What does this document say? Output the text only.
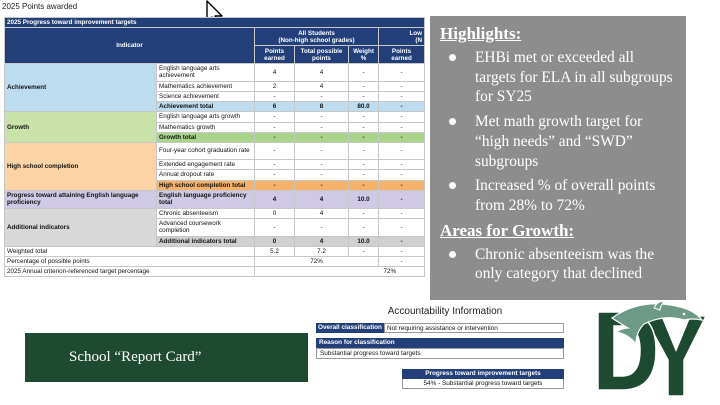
2025 Points awarded
2025 Progress toward improvement targets					
Indicator		All Students
(Non-high school grades)			Low
(N
		Points earned	Total possible points	Weight %	Points earned
Achievement	English language arts achievement	4	4	-	-
	Mathematics achievement	2	4	-	-
	Science achievement	-	-	-	-
	Achievement total	6	8	80.0	-
Growth	English language arts growth	-	-	-	-
	Mathematics growth	-	-	-	-
	Growth total	-	-	-	-
High school completion	Four-year cohort graduation rate	-	-	-	-
	Extended engagement rate	-	-	-	-
	Annual dropout rate	-	-	-	-
	High school completion total	-	-	-	-
Progress toward attaining English language proficiency	English language proficiency total	4	4	10.0	-
Additional indicators	Chronic absenteeism	0	4	-	-
	Advanced coursework completion	-	-	-	-
	Additional indicators total	0	4	10.0	-
Weighted total		5.2	7.2	-	-
Percentage of possible points		72%			-
2025 Annual criterion-referenced target percentage		72%			
Highlights:
EHBi met or exceeded all targets for ELA in all subgroups for SY25
Met math growth target for “high needs” and “SWD” subgroups
Increased % of overall points from 28% to 72%
Areas for Growth:
Chronic absenteeism was the only category that declined
School “Report Card”
Accountability Information
Overall classification Not requiring assistance or intervention
Reason for classification
Substantial progress toward targets
Progress toward improvement targets
54% - Substantial progress toward targets
